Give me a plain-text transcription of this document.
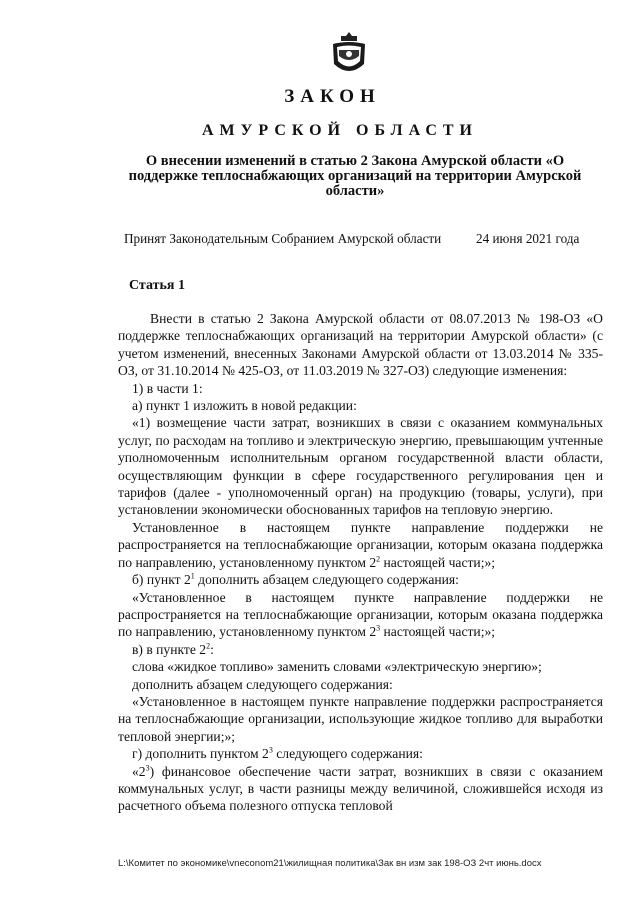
ЗАКОН
АМУРСКОЙ ОБЛАСТИ
О внесении изменений в статью 2 Закона Амурской области «О поддержке теплоснабжающих организаций на территории Амурской области»
Принят Законодательным Собранием Амурской области	24 июня 2021 года
Статья 1

Внести в статью 2 Закона Амурской области от 08.07.2013 № 198-ОЗ «О поддержке теплоснабжающих организаций на территории Амурской области» (с учетом изменений, внесенных Законами Амурской области от 13.03.2014 № 335-ОЗ, от 31.10.2014 № 425-ОЗ, от 11.03.2019 № 327-ОЗ) следующие изменения:

1) в части 1:

а) пункт 1 изложить в новой редакции:

«1) возмещение части затрат, возникших в связи с оказанием коммунальных услуг, по расходам на топливо и электрическую энергию, превышающим учтенные уполномоченным исполнительным органом государственной власти области, осуществляющим функции в сфере государственного регулирования цен и тарифов (далее - уполномоченный орган) на продукцию (товары, услуги), при установлении экономически обоснованных тарифов на тепловую энергию.

Установленное в настоящем пункте направление поддержки не распространяется на теплоснабжающие организации, которым оказана поддержка по направлению, установленному пунктом $2^2$ настоящей части;»;

б) пункт $2^1$ дополнить абзацем следующего содержания:

«Установленное в настоящем пункте направление поддержки не распространяется на теплоснабжающие организации, которым оказана поддержка по направлению, установленному пунктом $2^3$ настоящей части;»;

в) в пункте $2^2$:

слова «жидкое топливо» заменить словами «электрическую энергию»;

дополнить абзацем следующего содержания:

«Установленное в настоящем пункте направление поддержки распространяется на теплоснабжающие организации, использующие жидкое топливо для выработки тепловой энергии;»;

г) дополнить пунктом $2^3$ следующего содержания:

«$2^3$) финансовое обеспечение части затрат, возникших в связи с оказанием коммунальных услуг, в части разницы между величиной, сложившейся исходя из расчетного объема полезного отпуска тепловой

L:\Комитет по экономике\vneconom21\жилищная политика\Зак вн изм зак 198-ОЗ 2чт июнь.docx
